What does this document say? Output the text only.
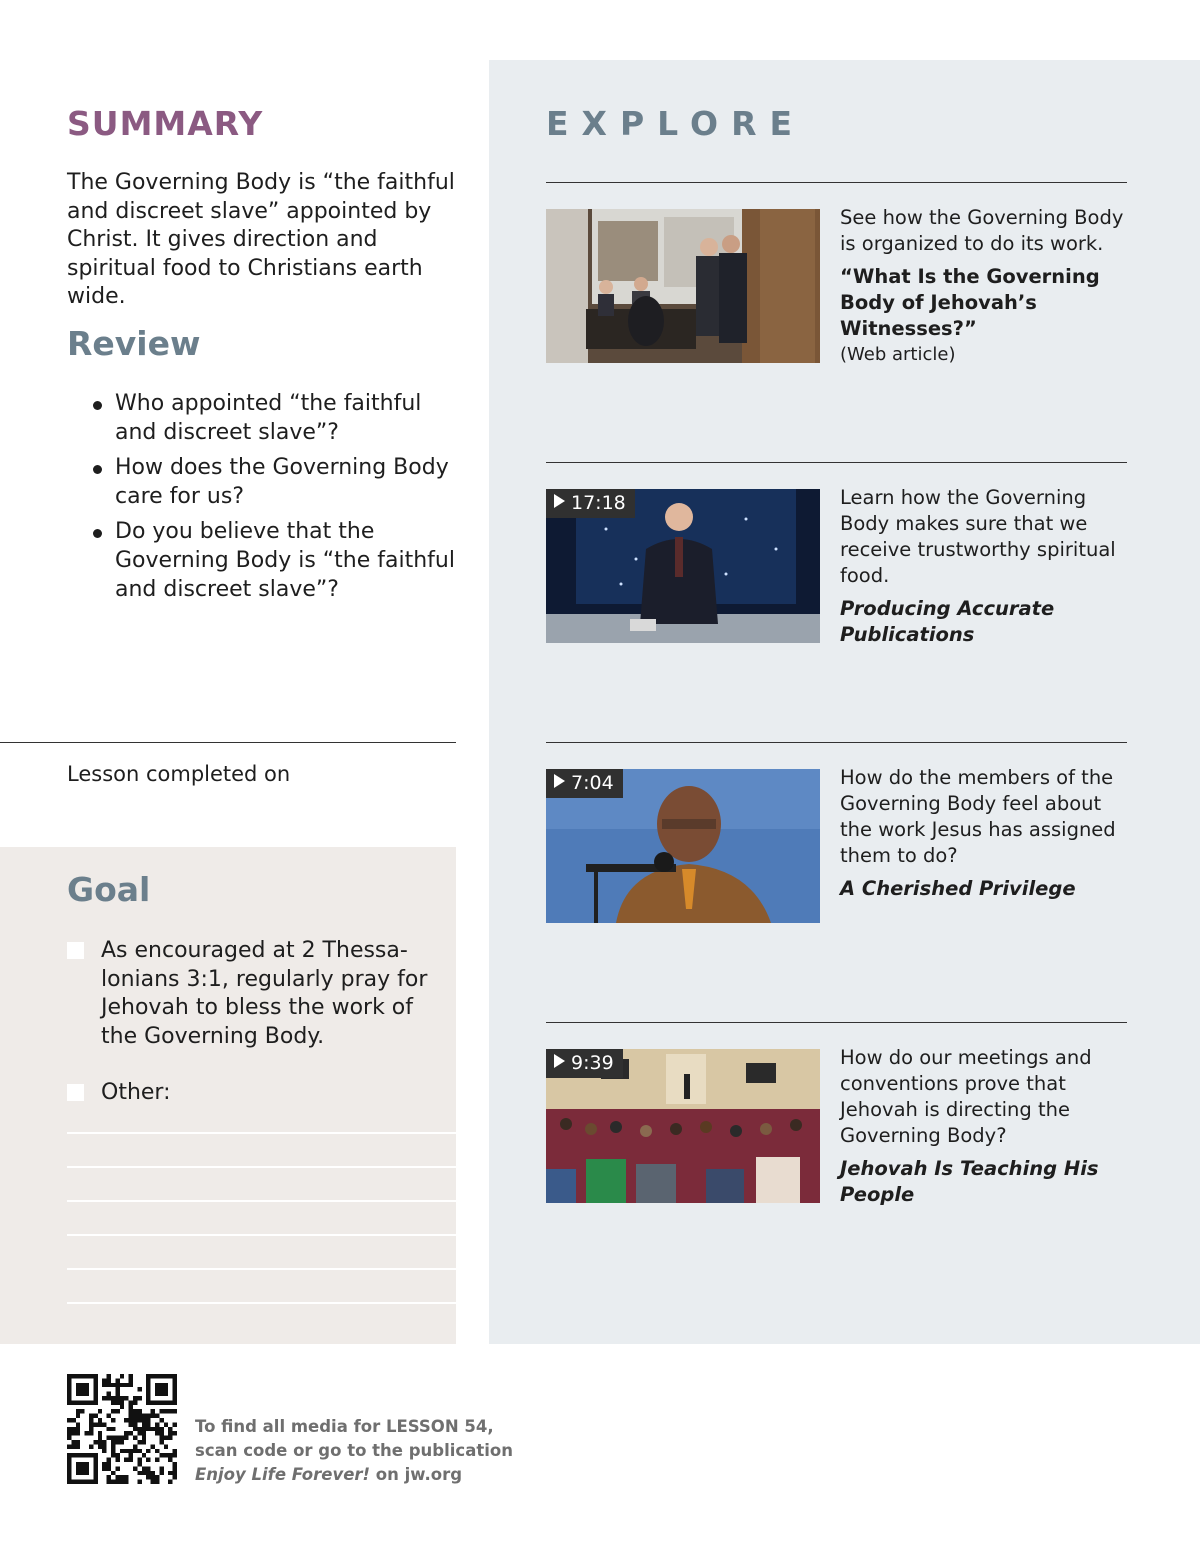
SUMMARY
The Governing Body is “the faithful and discreet slave” appointed by Christ. It gives direction and spiritual food to Christians earth wide.
Review
Who appointed “the faithful and discreet slave”?
How does the Governing Body care for us?
Do you believe that the Governing Body is “the faithful and discreet slave”?
Lesson completed on
Goal
As encouraged at 2 Thessa-lonians 3:1, regularly pray for Jehovah to bless the work of the Governing Body.
Other:
EXPLORE
See how the Governing Body is organized to do its work.
“What Is the Governing Body of Jehovah’s Witnesses?”
(Web article)
17:18	Learn how the Governing Body makes sure that we receive trustworthy spiritual food.
Producing Accurate Publications
7:04	How do the members of the Governing Body feel about the work Jesus has assigned them to do?
A Cherished Privilege
9:39	How do our meetings and conventions prove that Jehovah is directing the Governing Body?
Jehovah Is Teaching His People
To find all media for LESSON 54,
scan code or go to the publication
Enjoy Life Forever! on jw.org
